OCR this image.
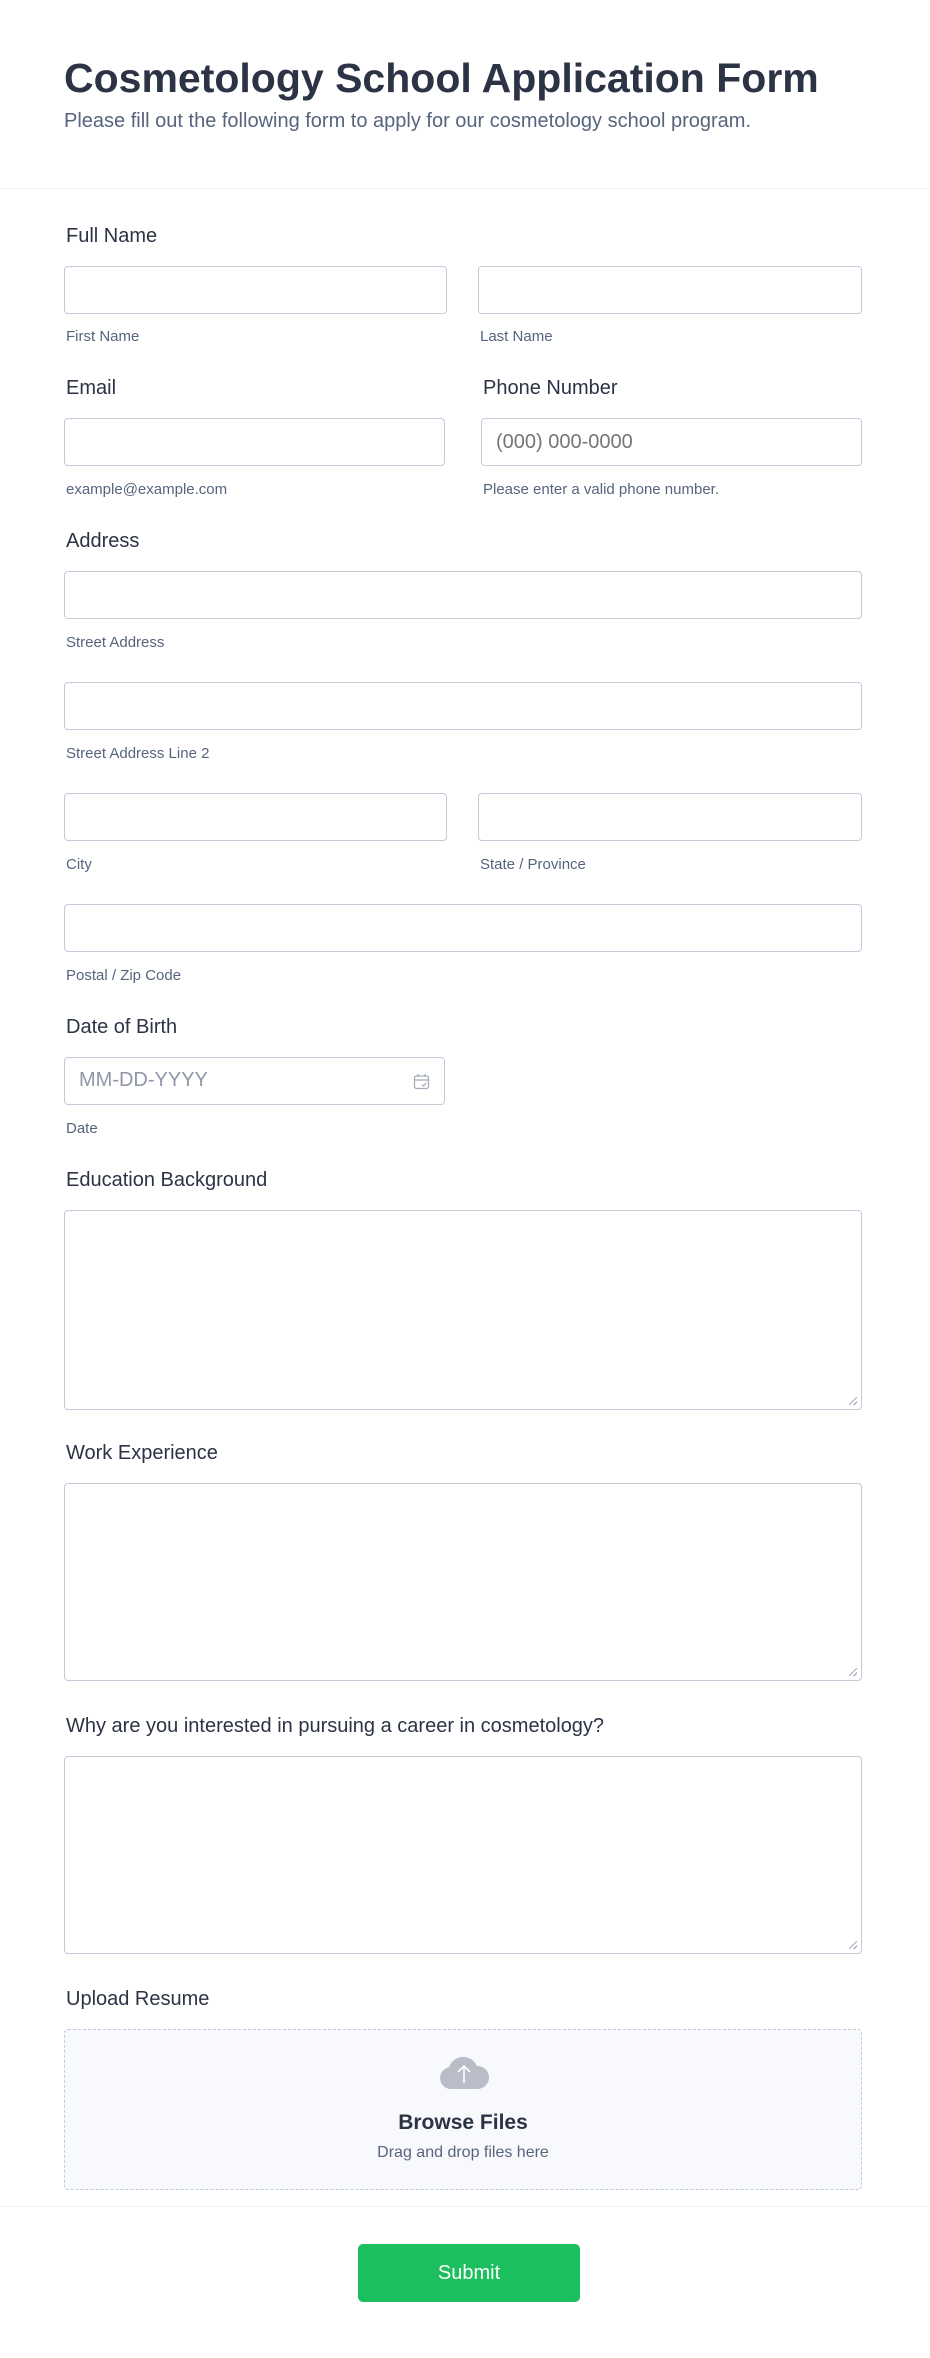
Cosmetology School Application Form
Please fill out the following form to apply for our cosmetology school program.
Full Name
First Name	Last Name
Email	Phone Number
(000) 000-0000
example@example.com	Please enter a valid phone number.
Address
Street Address
Street Address Line 2
City	State / Province
Postal / Zip Code
Date of Birth
MM-DD-YYYY
Date
Education Background
Work Experience
Why are you interested in pursuing a career in cosmetology?
Upload Resume
Browse Files
Drag and drop files here
Submit
